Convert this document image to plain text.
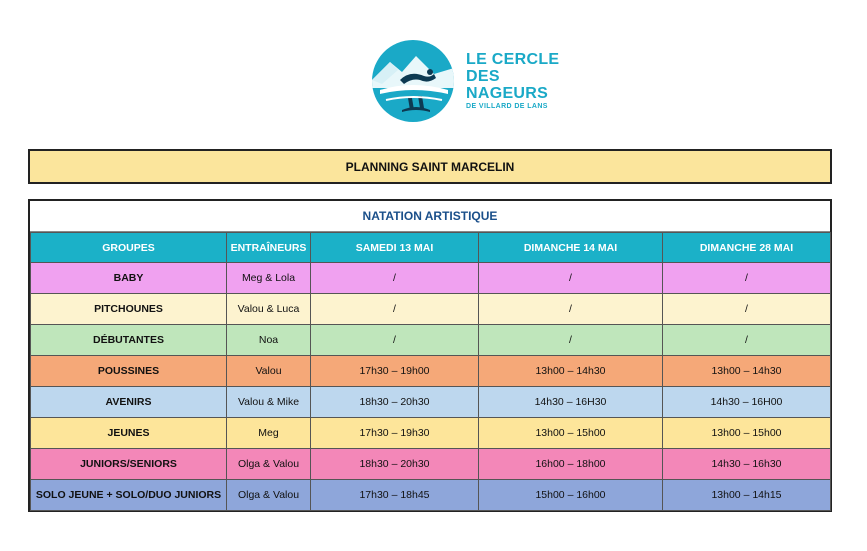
LE CERCLE
DES NAGEURS
DE VILLARD DE LANS
PLANNING SAINT MARCELIN
NATATION ARTISTIQUE
GROUPES	ENTRAÎNEURS	SAMEDI 13 MAI	DIMANCHE 14 MAI	DIMANCHE 28 MAI
BABY	Meg & Lola	/	/	/
PITCHOUNES	Valou & Luca	/	/	/
DÉBUTANTES	Noa	/	/	/
POUSSINES	Valou	17h30 – 19h00	13h00 – 14h30	13h00 – 14h30
AVENIRS	Valou & Mike	18h30 – 20h30	14h30 – 16H30	14h30 – 16H00
JEUNES	Meg	17h30 – 19h30	13h00 – 15h00	13h00 – 15h00
JUNIORS/SENIORS	Olga & Valou	18h30 – 20h30	16h00 – 18h00	14h30 – 16h30
SOLO JEUNE + SOLO/DUO JUNIORS	Olga & Valou	17h30 – 18h45	15h00 – 16h00	13h00 – 14h15
